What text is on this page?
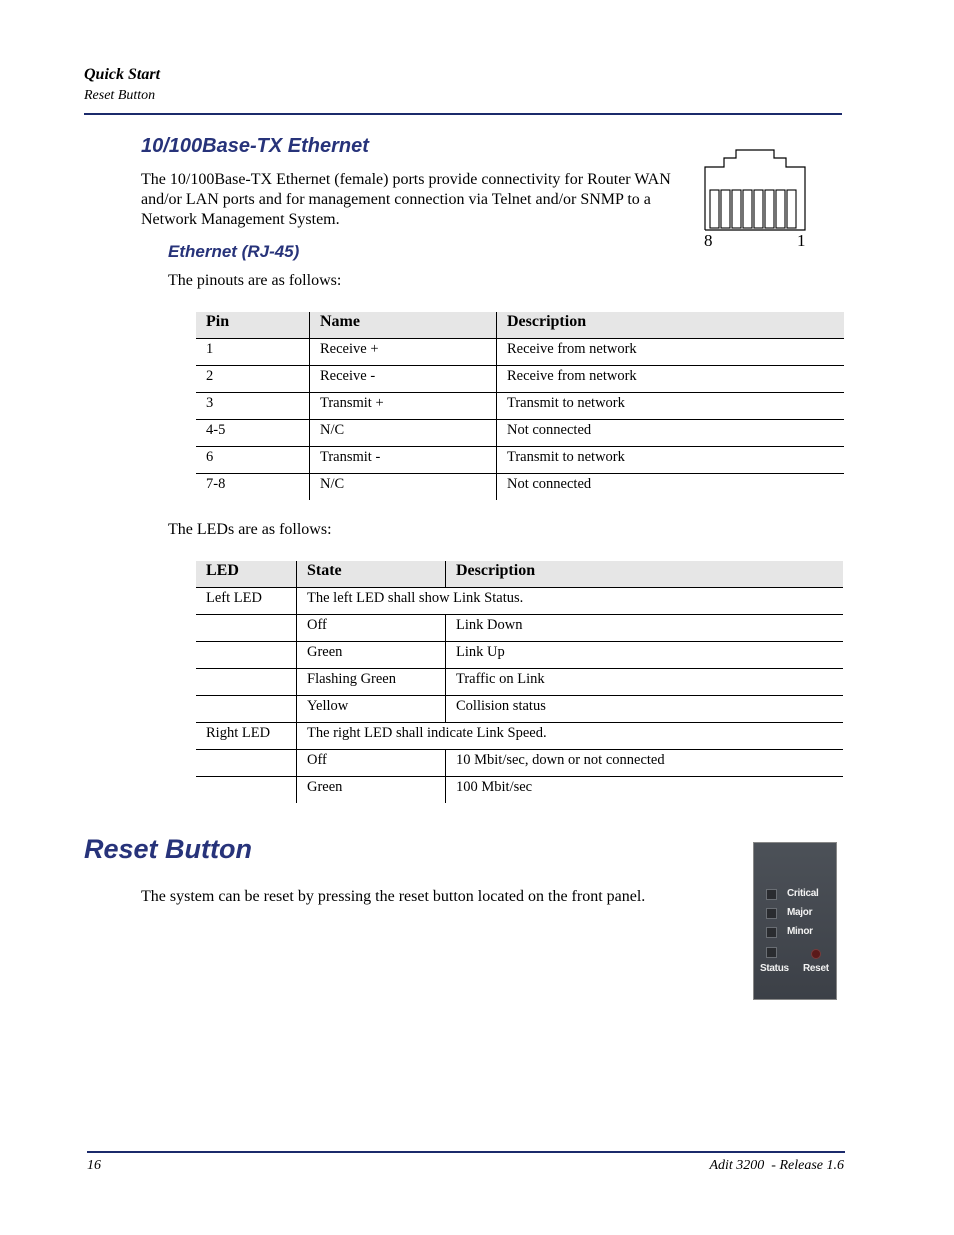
Quick Start
Reset Button
10/100Base-TX Ethernet
The 10/100Base-TX Ethernet (female) ports provide connectivity for Router WAN and/or LAN ports and for management connection via Telnet and/or SNMP to a Network Management System.
8	1
Ethernet (RJ-45)
The pinouts are as follows:
Pin	Name	Description
1	Receive +	Receive from network
2	Receive -	Receive from network
3	Transmit +	Transmit to network
4-5	N/C	Not connected
6	Transmit -	Transmit to network
7-8	N/C	Not connected
The LEDs are as follows:
LED	State	Description
Left LED	The left LED shall show Link Status.	
	Off	Link Down
	Green	Link Up
	Flashing Green	Traffic on Link
	Yellow	Collision status
Right LED	The right LED shall indicate Link Speed.	
	Off	10 Mbit/sec, down or not connected
	Green	100 Mbit/sec
Reset Button
The system can be reset by pressing the reset button located on the front panel.	Critical
Major
Minor
Status Reset
16	Adit 3200  - Release 1.6
